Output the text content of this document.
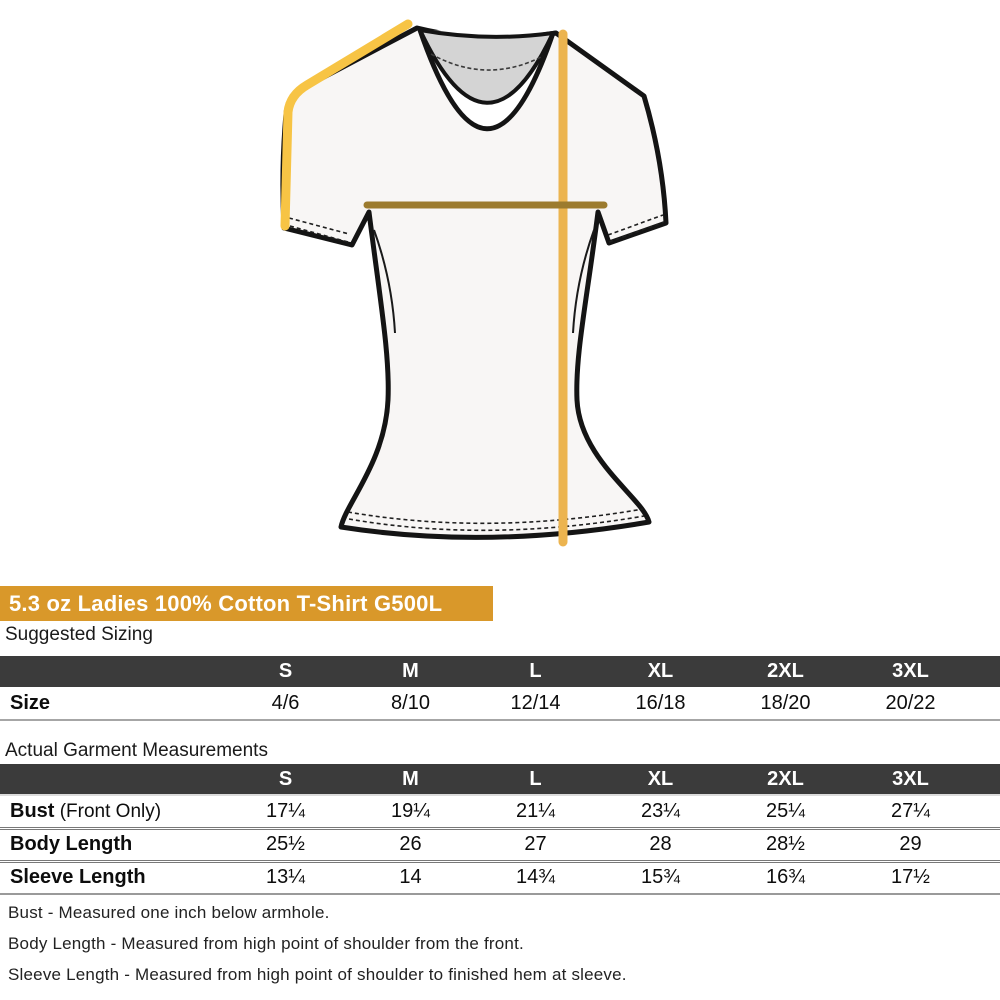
5.3 oz Ladies 100% Cotton T-Shirt G500L
Suggested Sizing
	S	M	L	XL	2XL	3XL	
Size	4/6	8/10	12/14	16/18	18/20	20/22	
Actual Garment Measurements
	S	M	L	XL	2XL	3XL	
Bust (Front Only)	17¼	19¼	21¼	23¼	25¼	27¼	
Body Length	25½	26	27	28	28½	29	
Sleeve Length	13¼	14	14¾	15¾	16¾	17½	
Bust - Measured one inch below armhole.
Body Length - Measured from high point of shoulder from the front.
Sleeve Length - Measured from high point of shoulder to finished hem at sleeve.
